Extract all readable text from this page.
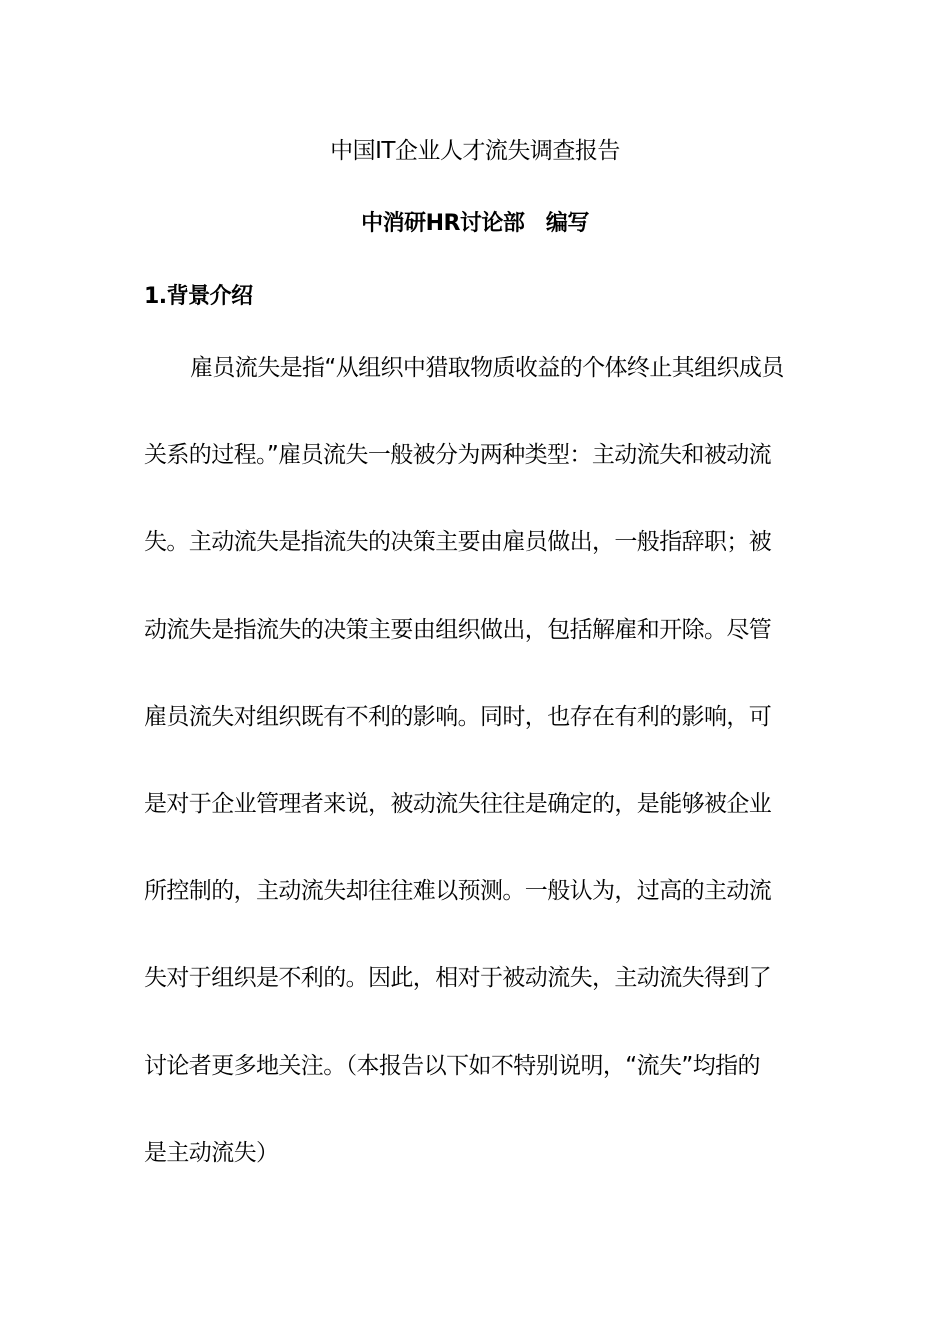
中国IT企业人才流失调查报告
中消研HR讨论部   编写
1.背景介绍
雇员流失是指“从组织中猎取物质收益的个体终止其组织成员
关系的过程。”雇员流失一般被分为两种类型：主动流失和被动流
失。主动流失是指流失的决策主要由雇员做出，一般指辞职；被
动流失是指流失的决策主要由组织做出，包括解雇和开除。尽管
雇员流失对组织既有不利的影响。同时，也存在有利的影响，可
是对于企业管理者来说，被动流失往往是确定的，是能够被企业
所控制的，主动流失却往往难以预测。一般认为，过高的主动流
失对于组织是不利的。因此，相对于被动流失，主动流失得到了
讨论者更多地关注。（本报告以下如不特别说明，“流失”均指的
是主动流失）
